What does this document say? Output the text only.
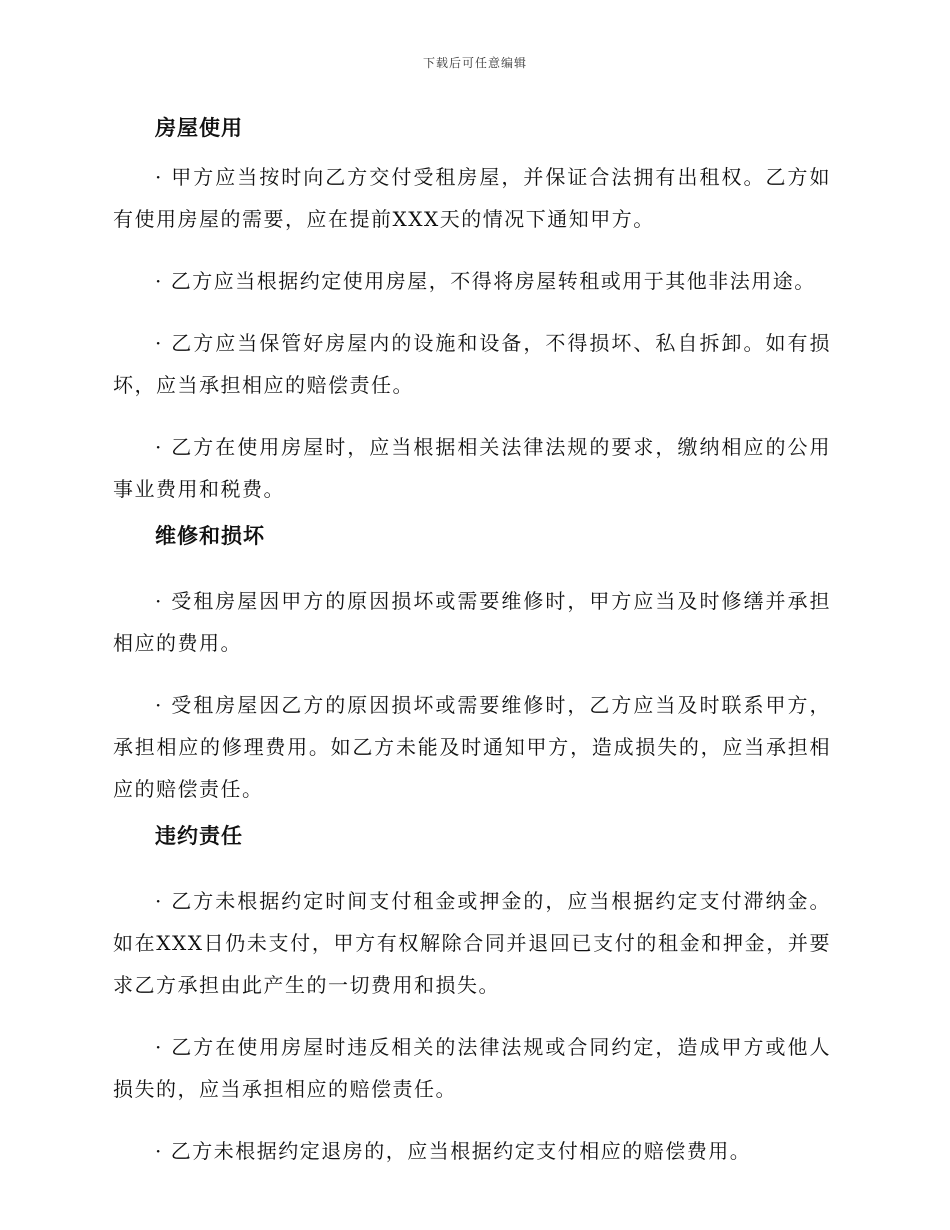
下载后可任意编辑
房屋使用

· 甲方应当按时向乙方交付受租房屋，并保证合法拥有出租权。乙方如有使用房屋的需要，应在提前XXX天的情况下通知甲方。

· 乙方应当根据约定使用房屋，不得将房屋转租或用于其他非法用途。

· 乙方应当保管好房屋内的设施和设备，不得损坏、私自拆卸。如有损坏，应当承担相应的赔偿责任。

· 乙方在使用房屋时，应当根据相关法律法规的要求，缴纳相应的公用事业费用和税费。

维修和损坏

· 受租房屋因甲方的原因损坏或需要维修时，甲方应当及时修缮并承担相应的费用。

· 受租房屋因乙方的原因损坏或需要维修时，乙方应当及时联系甲方，承担相应的修理费用。如乙方未能及时通知甲方，造成损失的，应当承担相应的赔偿责任。

违约责任

· 乙方未根据约定时间支付租金或押金的，应当根据约定支付滞纳金。如在XXX日仍未支付，甲方有权解除合同并退回已支付的租金和押金，并要求乙方承担由此产生的一切费用和损失。

· 乙方在使用房屋时违反相关的法律法规或合同约定，造成甲方或他人损失的，应当承担相应的赔偿责任。

· 乙方未根据约定退房的，应当根据约定支付相应的赔偿费用。
